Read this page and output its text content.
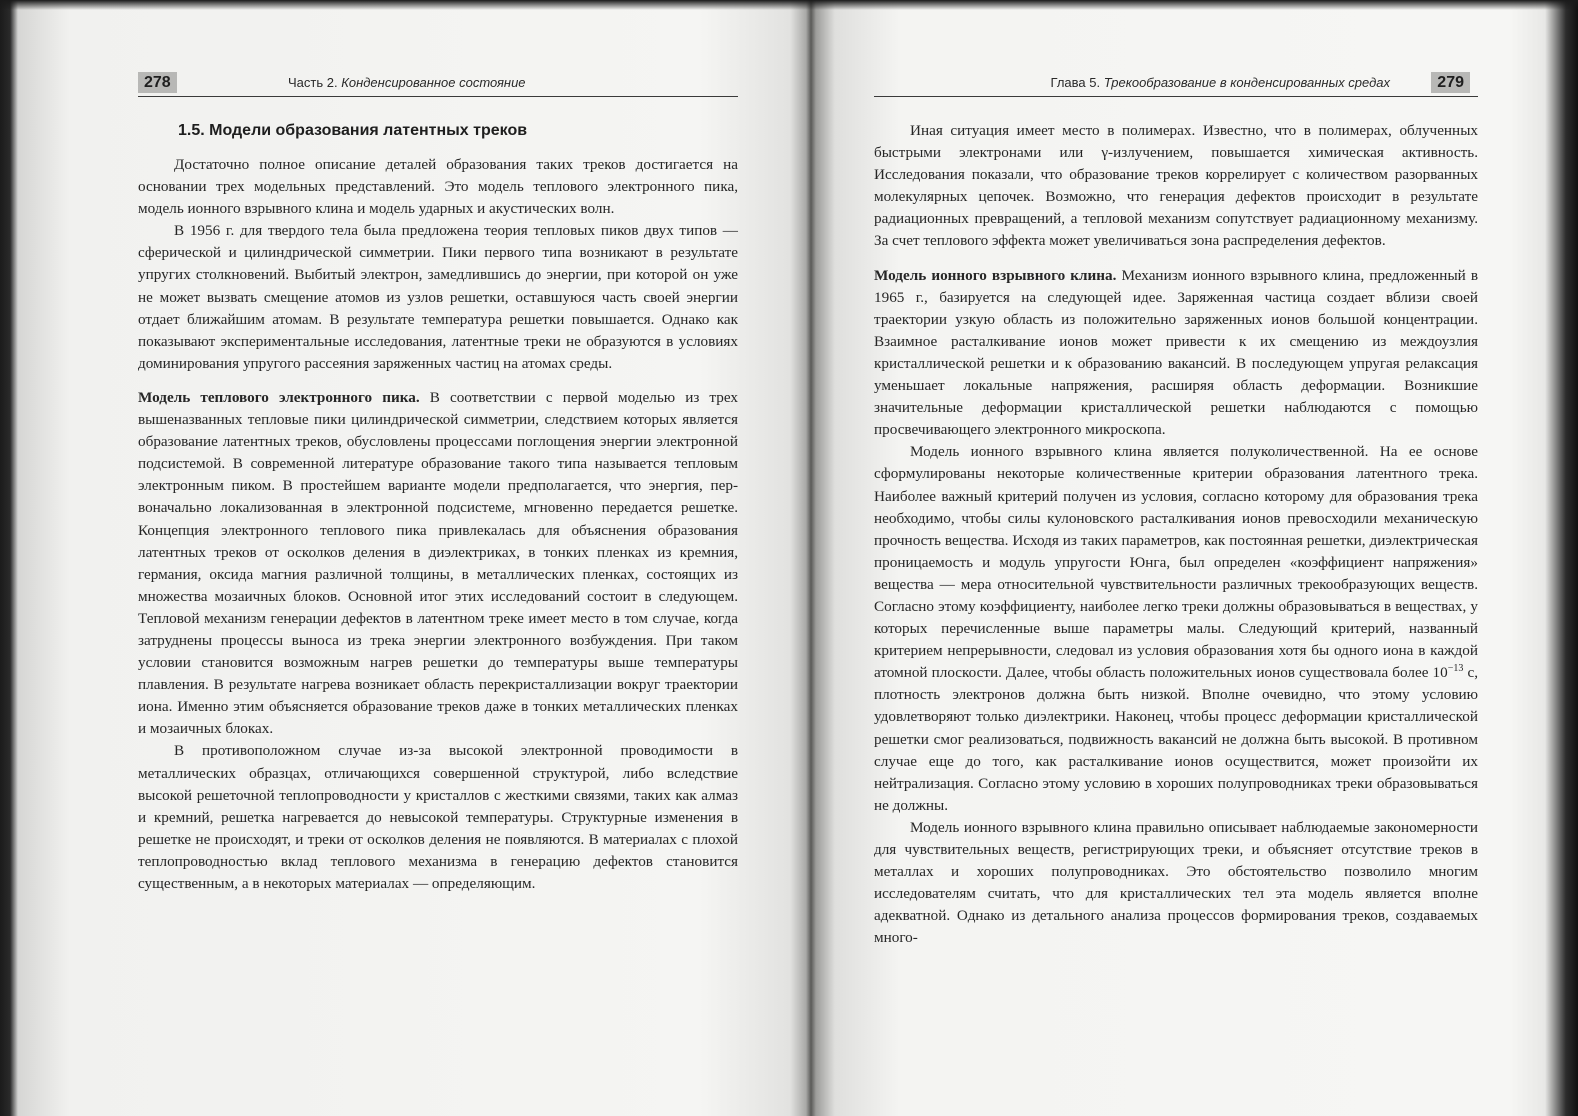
278	Часть 2. Конденсированное состояние
1.5. Модели образования латентных треков

Достаточно полное описание деталей образования таких треков достигается на основании трех модельных представлений. Это модель теплового электронного пика, модель ионного взрывного клина и модель ударных и акустических волн.

В 1956 г. для твердого тела была предложена теория тепловых пиков двух типов — сферической и цилиндрической симметрии. Пики первого типа возникают в результате упругих столкновений. Выбитый электрон, замедлившись до энергии, при которой он уже не может вызвать смещение атомов из узлов решетки, оставшуюся часть своей энергии отдает ближайшим атомам. В результате температура решетки повышается. Однако как показывают экспериментальные исследования, латентные треки не образуются в условиях доминирования упругого рассеяния заряженных частиц на атомах среды.

Модель теплового электронного пика. В соответствии с первой моделью из трех вышеназванных тепловые пики цилиндрической симметрии, следствием которых является образование латентных треков, обусловлены процессами поглощения энергии электронной подсистемой. В современной литературе образование такого типа называется тепловым электронным пиком. В простейшем варианте модели предполагается, что энергия, первоначально локализованная в электронной подсистеме, мгновенно передается решетке. Концепция электронного теплового пика привлекалась для объяснения образования латентных треков от осколков деления в диэлектриках, в тонких пленках из кремния, германия, оксида магния различной толщины, в металлических пленках, состоящих из множества мозаичных блоков. Основной итог этих исследований состоит в следующем. Тепловой механизм генерации дефектов в латентном треке имеет место в том случае, когда затруднены процессы выноса из трека энергии электронного возбуждения. При таком условии становится возможным нагрев решетки до температуры выше температуры плавления. В результате нагрева возникает область перекристаллизации вокруг траектории иона. Именно этим объясняется образование треков даже в тонких металлических пленках и мозаичных блоках.

В противоположном случае из-за высокой электронной проводимости в металлических образцах, отличающихся совершенной структурой, либо вследствие высокой решеточной теплопроводности у кристаллов с жесткими связями, таких как алмаз и кремний, решетка нагревается до невысокой температуры. Структурные изменения в решетке не происходят, и треки от осколков деления не появляются. В материалах с плохой теплопроводностью вклад теплового механизма в генерацию дефектов становится существенным, а в некоторых материалах — определяющим.

Глава 5. Трекообразование в конденсированных средах	279

Иная ситуация имеет место в полимерах. Известно, что в полимерах, облученных быстрыми электронами или γ-излучением, повышается химическая активность. Исследования показали, что образование треков коррелирует с количеством разорванных молекулярных цепочек. Возможно, что генерация дефектов происходит в результате радиационных превращений, а тепловой механизм сопутствует радиационному механизму. За счет теплового эффекта может увеличиваться зона распределения дефектов.

Модель ионного взрывного клина. Механизм ионного взрывного клина, предложенный в 1965 г., базируется на следующей идее. Заряженная частица создает вблизи своей траектории узкую область из положительно заряженных ионов большой концентрации. Взаимное расталкивание ионов может привести к их смещению из междоузлия кристаллической решетки и к образованию вакансий. В последующем упругая релаксация уменьшает локальные напряжения, расширяя область деформации. Возникшие значительные деформации кристаллической решетки наблюдаются с помощью просвечивающего электронного микроскопа.

Модель ионного взрывного клина является полуколичественной. На ее основе сформулированы некоторые количественные критерии образования латентного трека. Наиболее важный критерий получен из условия, согласно которому для образования трека необходимо, чтобы силы кулоновского расталкивания ионов превосходили механическую прочность вещества. Исходя из таких параметров, как постоянная решетки, диэлектрическая проницаемость и модуль упругости Юнга, был определен «коэффициент напряжения» вещества — мера относительной чувствительности различных трекообразующих веществ. Согласно этому коэффициенту, наиболее легко треки должны образовываться в веществах, у которых перечисленные выше параметры малы. Следующий критерий, названный критерием непрерывности, следовал из условия образования хотя бы одного иона в каждой атомной плоскости. Далее, чтобы область положительных ионов существовала более $10^{-13}$ с, плотность электронов должна быть низкой. Вполне очевидно, что этому условию удовлетворяют только диэлектрики. Наконец, чтобы процесс деформации кристаллической решетки смог реализоваться, подвижность вакансий не должна быть высокой. В противном случае еще до того, как расталкивание ионов осуществится, может произойти их нейтрализация. Согласно этому условию в хороших полупроводниках треки образовываться не должны.

Модель ионного взрывного клина правильно описывает наблюдаемые закономерности для чувствительных веществ, регистрирующих треки, и объясняет отсутствие треков в металлах и хороших полупроводниках. Это обстоятельство позволило многим исследователям считать, что для кристаллических тел эта модель является вполне адекватной. Однако из детального анализа процессов формирования треков, создаваемых много-
